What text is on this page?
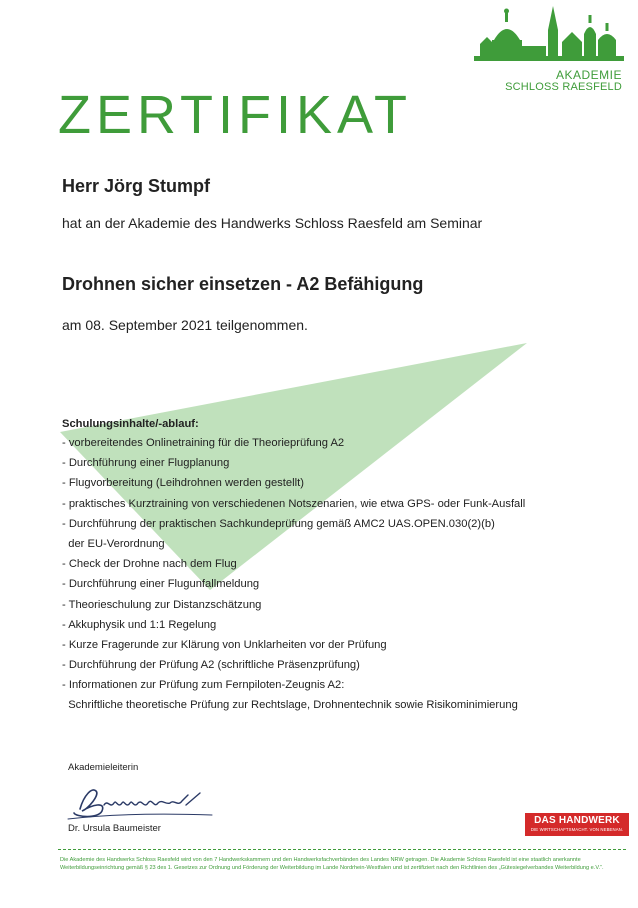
AKADEMIE
SCHLOSS RAESFELD
ZERTIFIKAT
Herr Jörg Stumpf
hat an der Akademie des Handwerks Schloss Raesfeld am Seminar
Drohnen sicher einsetzen - A2 Befähigung
am 08. September 2021 teilgenommen.
Schulungsinhalte/-ablauf:
- vorbereitendes Onlinetraining für die Theorieprüfung A2
- Durchführung einer Flugplanung
- Flugvorbereitung (Leihdrohnen werden gestellt)
- praktisches Kurztraining von verschiedenen Notszenarien, wie etwa GPS- oder Funk-Ausfall
- Durchführung der praktischen Sachkundeprüfung gemäß AMC2 UAS.OPEN.030(2)(b)
der EU-Verordnung
- Check der Drohne nach dem Flug
- Durchführung einer Flugunfallmeldung
- Theorieschulung zur Distanzschätzung
- Akkuphysik und 1:1 Regelung
- Kurze Fragerunde zur Klärung von Unklarheiten vor der Prüfung
- Durchführung der Prüfung A2 (schriftliche Präsenzprüfung)
- Informationen zur Prüfung zum Fernpiloten-Zeugnis A2:
Schriftliche theoretische Prüfung zur Rechtslage, Drohnentechnik sowie Risikominimierung
Akademieleiterin
Dr. Ursula Baumeister
DAS HANDWERK
DIE WIRTSCHAFTSMACHT. VON NEBENAN.
Die Akademie des Handwerks Schloss Raesfeld wird von den 7 Handwerkskammern und den Handwerksfachverbänden des Landes NRW getragen. Die Akademie Schloss Raesfeld ist eine staatlich anerkannte Weiterbildungseinrichtung gemäß § 23 des 1. Gesetzes zur Ordnung und Förderung der Weiterbildung im Lande Nordrhein-Westfalen und ist zertifiziert nach den Richtlinien des „Gütesiegelverbandes Weiterbildung e.V.“.
